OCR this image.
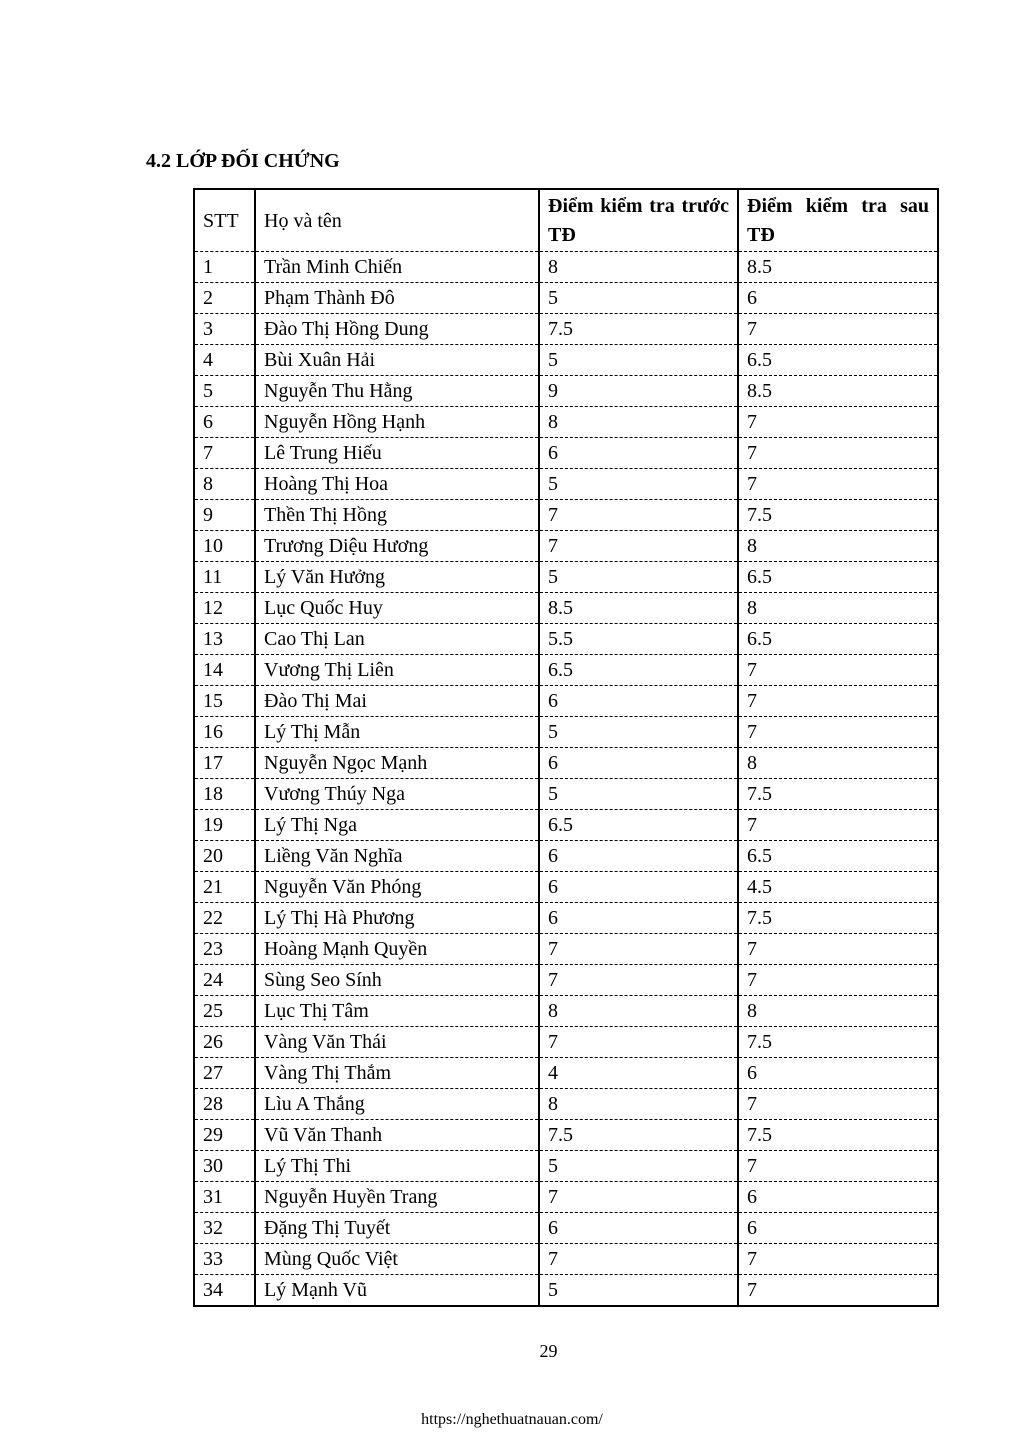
4.2 LỚP ĐỐI CHỨNG
STT	Họ và tên	Điểm kiểm tra trước TĐ	Điểm kiểm tra sau TĐ
1	Trần Minh Chiến	8	8.5
2	Phạm Thành Đô	5	6
3	Đào Thị Hồng Dung	7.5	7
4	Bùi Xuân Hải	5	6.5
5	Nguyễn Thu Hằng	9	8.5
6	Nguyễn Hồng Hạnh	8	7
7	Lê Trung Hiếu	6	7
8	Hoàng Thị Hoa	5	7
9	Thền Thị Hồng	7	7.5
10	Trương Diệu Hương	7	8
11	Lý Văn Hưởng	5	6.5
12	Lục Quốc Huy	8.5	8
13	Cao Thị Lan	5.5	6.5
14	Vương Thị Liên	6.5	7
15	Đào Thị Mai	6	7
16	Lý Thị Mẫn	5	7
17	Nguyễn Ngọc Mạnh	6	8
18	Vương Thúy Nga	5	7.5
19	Lý Thị Nga	6.5	7
20	Liềng Văn Nghĩa	6	6.5
21	Nguyễn Văn Phóng	6	4.5
22	Lý Thị Hà Phương	6	7.5
23	Hoàng Mạnh Quyền	7	7
24	Sùng Seo Sính	7	7
25	Lục Thị Tâm	8	8
26	Vàng Văn Thái	7	7.5
27	Vàng Thị Thắm	4	6
28	Lìu A Thắng	8	7
29	Vũ Văn Thanh	7.5	7.5
30	Lý Thị Thi	5	7
31	Nguyễn Huyền Trang	7	6
32	Đặng Thị Tuyết	6	6
33	Mùng Quốc Việt	7	7
34	Lý Mạnh Vũ	5	7
29
https://nghethuatnauan.com/
